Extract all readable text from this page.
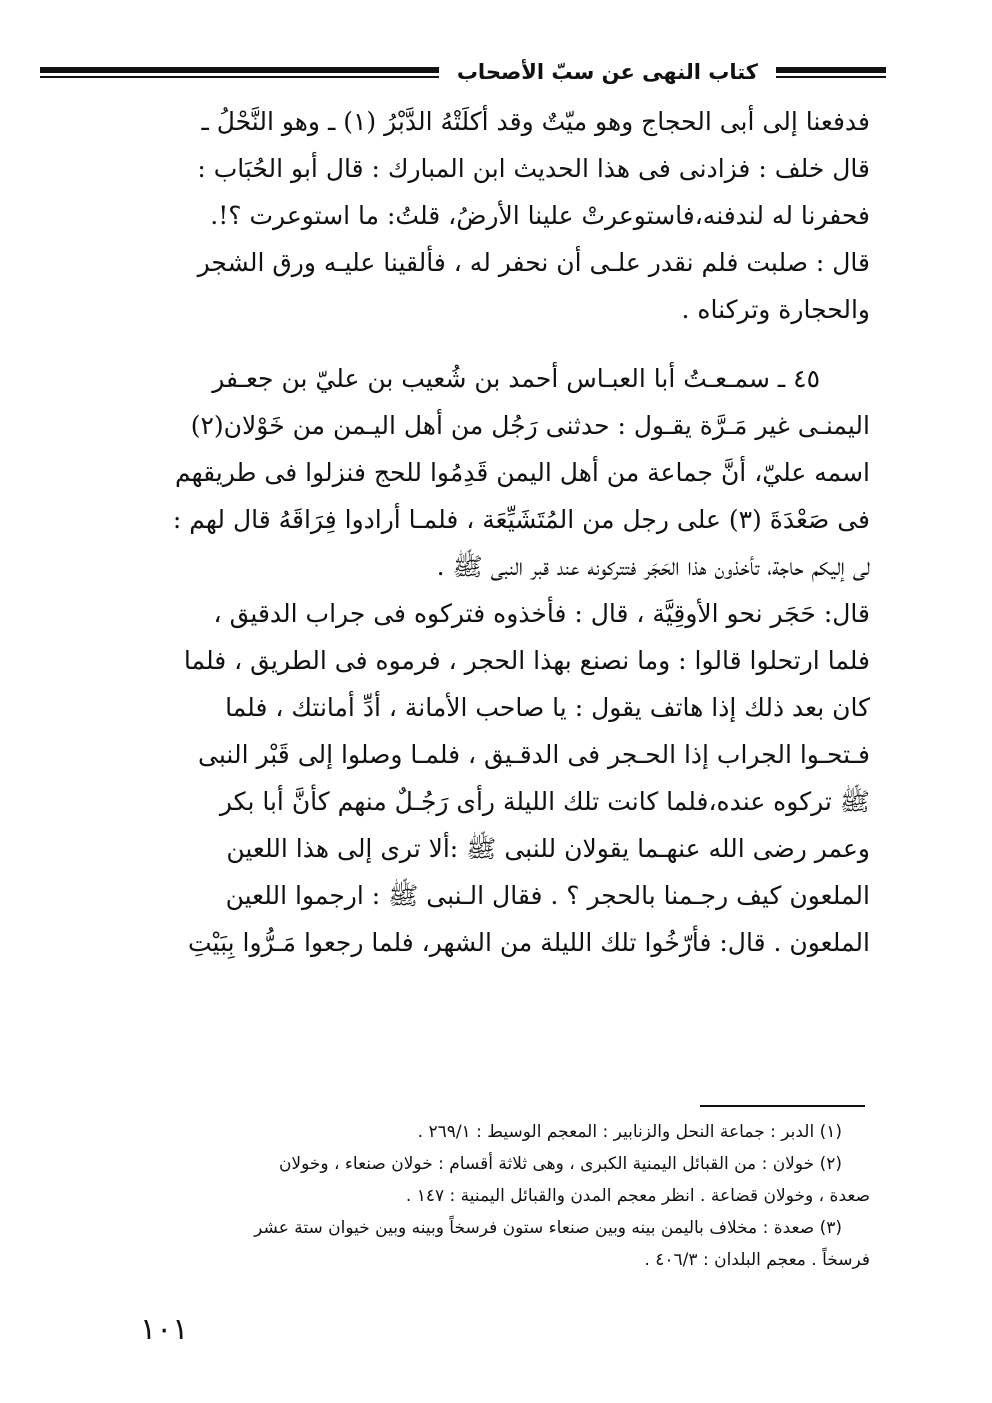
كتاب النهى عن سبّ الأصحاب
فدفعنا إلى أبى الحجاج وهو ميّتٌ وقد أكلَتْهُ الدَّبْرُ (١) ـ وهو النَّحْلُ ـ
قال خلف : فزادنى فى هذا الحديث ابن المبارك : قال أبو الحُبَاب :
فحفرنا له لندفنه،فاستوعرتْ علينا الأرضُ، قلتُ: ما استوعرت ؟!.
قال : صلبت فلم نقدر علـى أن نحفر له ، فألقينا عليـه ورق الشجر
والحجارة وتركناه .
٤٥ ـ سمـعـتُ أبا العبـاس أحمد بن شُعيب بن عليّ بن جعـفر
اليمنـى غير مَـرَّة يقـول : حدثنى رَجُل من أهل اليـمن من خَوْلان(٢)
اسمه عليّ، أنَّ جماعة من أهل اليمن قَدِمُوا للحج فنزلوا فى طريقهم
فى صَعْدَةَ (٣) على رجل من المُتَشَيِّعَة ، فلمـا أرادوا فِرَاقَهُ قال لهم :
لى إليكم حاجة، تأخذون هذا الحَجَر فتتركونه عند قبر النبى ﷺ .
قال: حَجَر نحو الأوقِيَّة ، قال : فأخذوه فتركوه فى جراب الدقيق ،
فلما ارتحلوا قالوا : وما نصنع بهذا الحجر ، فرموه فى الطريق ، فلما
كان بعد ذلك إذا هاتف يقول : يا صاحب الأمانة ، أدِّ أمانتك ، فلما
فـتحـوا الجراب إذا الحـجر فى الدقـيق ، فلمـا وصلوا إلى قَبْر النبى
ﷺ تركوه عنده،فلما كانت تلك الليلة رأى رَجُـلٌ منهم كأنَّ أبا بكر
وعمر رضى الله عنهـما يقولان للنبى ﷺ :ألا ترى إلى هذا اللعين
الملعون كيف رجـمنا بالحجر ؟ . فقال الـنبى ﷺ : ارجموا اللعين
الملعون . قال: فأرّخُوا تلك الليلة من الشهر، فلما رجعوا مَـرُّوا بِبَيْتِ
(١) الدبر : جماعة النحل والزنابير : المعجم الوسيط : ٢٦٩/١ .
(٢) خولان : من القبائل اليمنية الكبرى ، وهى ثلاثة أقسام : خولان صنعاء ، وخولان
صعدة ، وخولان قضاعة . انظر معجم المدن والقبائل اليمنية : ١٤٧ .
(٣) صعدة : مخلاف باليمن بينه وبين صنعاء ستون فرسخاً وبينه وبين خيوان ستة عشر
فرسخاً . معجم البلدان : ٤٠٦/٣ .
١٠١
